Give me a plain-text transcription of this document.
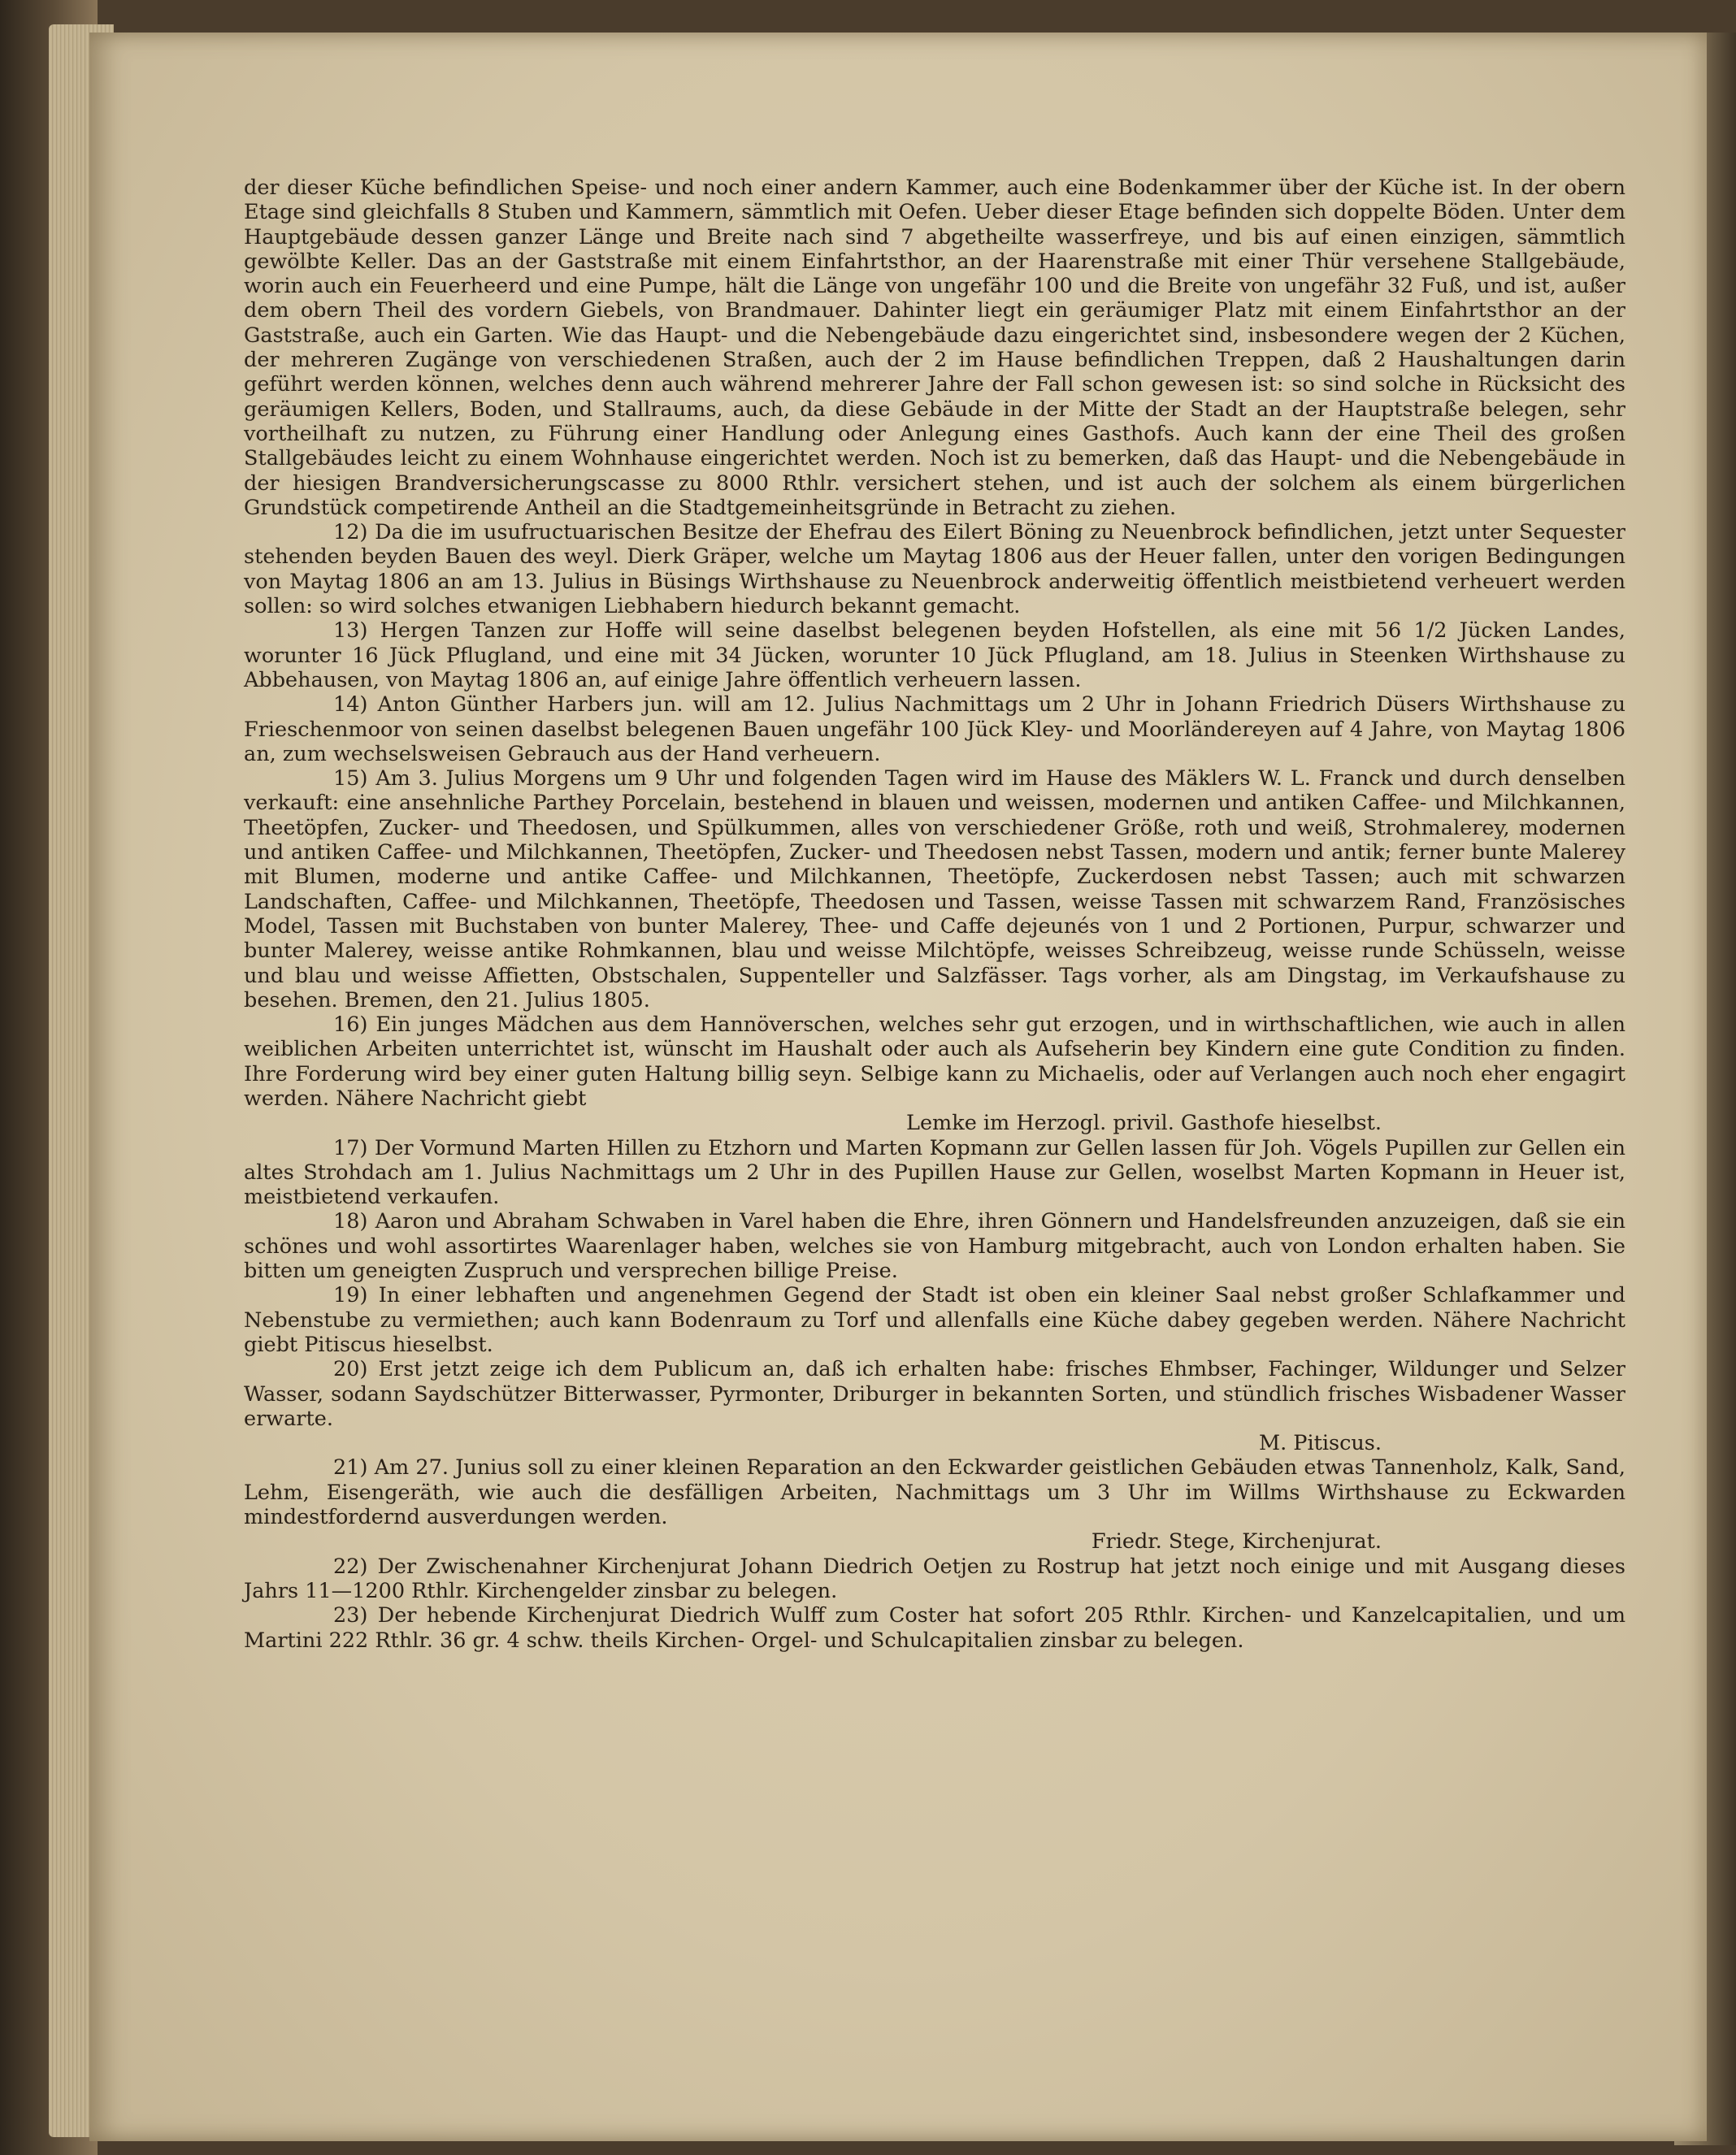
der dieser Küche befindlichen Speise- und noch einer andern Kammer, auch eine Bodenkammer über der Küche ist. In der obern Etage sind gleichfalls 8 Stuben und Kammern, sämmtlich mit Oefen. Ueber dieser Etage befinden sich doppelte Böden. Unter dem Hauptgebäude dessen ganzer Länge und Breite nach sind 7 abgetheilte wasserfreye, und bis auf einen einzigen, sämmtlich gewölbte Keller. Das an der Gaststraße mit einem Einfahrtsthor, an der Haarenstraße mit einer Thür versehene Stallgebäude, worin auch ein Feuerheerd und eine Pumpe, hält die Länge von ungefähr 100 und die Breite von ungefähr 32 Fuß, und ist, außer dem obern Theil des vordern Giebels, von Brandmauer. Dahinter liegt ein geräumiger Platz mit einem Einfahrtsthor an der Gaststraße, auch ein Garten. Wie das Haupt- und die Nebengebäude dazu eingerichtet sind, insbesondere wegen der 2 Küchen, der mehreren Zugänge von verschiedenen Straßen, auch der 2 im Hause befindlichen Treppen, daß 2 Haushaltungen darin geführt werden können, welches denn auch während mehrerer Jahre der Fall schon gewesen ist: so sind solche in Rücksicht des geräumigen Kellers, Boden, und Stallraums, auch, da diese Gebäude in der Mitte der Stadt an der Hauptstraße belegen, sehr vortheilhaft zu nutzen, zu Führung einer Handlung oder Anlegung eines Gasthofs. Auch kann der eine Theil des großen Stallgebäudes leicht zu einem Wohnhause eingerichtet werden. Noch ist zu bemerken, daß das Haupt- und die Nebengebäude in der hiesigen Brandversicherungscasse zu 8000 Rthlr. versichert stehen, und ist auch der solchem als einem bürgerlichen Grundstück competirende Antheil an die Stadtgemeinheitsgründe in Betracht zu ziehen.

12) Da die im usufructuarischen Besitze der Ehefrau des Eilert Böning zu Neuenbrock befindlichen, jetzt unter Sequester stehenden beyden Bauen des weyl. Dierk Gräper, welche um Maytag 1806 aus der Heuer fallen, unter den vorigen Bedingungen von Maytag 1806 an am 13. Julius in Büsings Wirthshause zu Neuenbrock anderweitig öffentlich meistbietend verheuert werden sollen: so wird solches etwanigen Liebhabern hiedurch bekannt gemacht.

13) Hergen Tanzen zur Hoffe will seine daselbst belegenen beyden Hofstellen, als eine mit 56 1/2 Jücken Landes, worunter 16 Jück Pflugland, und eine mit 34 Jücken, worunter 10 Jück Pflugland, am 18. Julius in Steenken Wirthshause zu Abbehausen, von Maytag 1806 an, auf einige Jahre öffentlich verheuern lassen.

14) Anton Günther Harbers jun. will am 12. Julius Nachmittags um 2 Uhr in Johann Friedrich Düsers Wirthshause zu Frieschenmoor von seinen daselbst belegenen Bauen ungefähr 100 Jück Kley- und Moorländereyen auf 4 Jahre, von Maytag 1806 an, zum wechselsweisen Gebrauch aus der Hand verheuern.

15) Am 3. Julius Morgens um 9 Uhr und folgenden Tagen wird im Hause des Mäklers W. L. Franck und durch denselben verkauft: eine ansehnliche Parthey Porcelain, bestehend in blauen und weissen, modernen und antiken Caffee- und Milchkannen, Theetöpfen, Zucker- und Theedosen, und Spülkummen, alles von verschiedener Größe, roth und weiß, Strohmalerey, modernen und antiken Caffee- und Milchkannen, Theetöpfen, Zucker- und Theedosen nebst Tassen, modern und antik; ferner bunte Malerey mit Blumen, moderne und antike Caffee- und Milchkannen, Theetöpfe, Zuckerdosen nebst Tassen; auch mit schwarzen Landschaften, Caffee- und Milchkannen, Theetöpfe, Theedosen und Tassen, weisse Tassen mit schwarzem Rand, Französisches Model, Tassen mit Buchstaben von bunter Malerey, Thee- und Caffe dejeunés von 1 und 2 Portionen, Purpur, schwarzer und bunter Malerey, weisse antike Rohmkannen, blau und weisse Milchtöpfe, weisses Schreibzeug, weisse runde Schüsseln, weisse und blau und weisse Affietten, Obstschalen, Suppenteller und Salzfässer. Tags vorher, als am Dingstag, im Verkaufshause zu besehen. Bremen, den 21. Julius 1805.

16) Ein junges Mädchen aus dem Hannöverschen, welches sehr gut erzogen, und in wirthschaftlichen, wie auch in allen weiblichen Arbeiten unterrichtet ist, wünscht im Haushalt oder auch als Aufseherin bey Kindern eine gute Condition zu finden. Ihre Forderung wird bey einer guten Haltung billig seyn. Selbige kann zu Michaelis, oder auf Verlangen auch noch eher engagirt werden. Nähere Nachricht giebt
Lemke im Herzogl. privil. Gasthofe hieselbst.

17) Der Vormund Marten Hillen zu Etzhorn und Marten Kopmann zur Gellen lassen für Joh. Vögels Pupillen zur Gellen ein altes Strohdach am 1. Julius Nachmittags um 2 Uhr in des Pupillen Hause zur Gellen, woselbst Marten Kopmann in Heuer ist, meistbietend verkaufen.

18) Aaron und Abraham Schwaben in Varel haben die Ehre, ihren Gönnern und Handelsfreunden anzuzeigen, daß sie ein schönes und wohl assortirtes Waarenlager haben, welches sie von Hamburg mitgebracht, auch von London erhalten haben. Sie bitten um geneigten Zuspruch und versprechen billige Preise.

19) In einer lebhaften und angenehmen Gegend der Stadt ist oben ein kleiner Saal nebst großer Schlafkammer und Nebenstube zu vermiethen; auch kann Bodenraum zu Torf und allenfalls eine Küche dabey gegeben werden. Nähere Nachricht giebt Pitiscus hieselbst.

20) Erst jetzt zeige ich dem Publicum an, daß ich erhalten habe: frisches Ehmbser, Fachinger, Wildunger und Selzer Wasser, sodann Saydschützer Bitterwasser, Pyrmonter, Driburger in bekannten Sorten, und stündlich frisches Wisbadener Wasser erwarte.
M. Pitiscus.

21) Am 27. Junius soll zu einer kleinen Reparation an den Eckwarder geistlichen Gebäuden etwas Tannenholz, Kalk, Sand, Lehm, Eisengeräth, wie auch die desfälligen Arbeiten, Nachmittags um 3 Uhr im Willms Wirthshause zu Eckwarden mindestfordernd ausverdungen werden.
Friedr. Stege, Kirchenjurat.

22) Der Zwischenahner Kirchenjurat Johann Diedrich Oetjen zu Rostrup hat jetzt noch einige und mit Ausgang dieses Jahrs 11—1200 Rthlr. Kirchengelder zinsbar zu belegen.

23) Der hebende Kirchenjurat Diedrich Wulff zum Coster hat sofort 205 Rthlr. Kirchen- und Kanzelcapitalien, und um Martini 222 Rthlr. 36 gr. 4 schw. theils Kirchen- Orgel- und Schulcapitalien zinsbar zu belegen.
